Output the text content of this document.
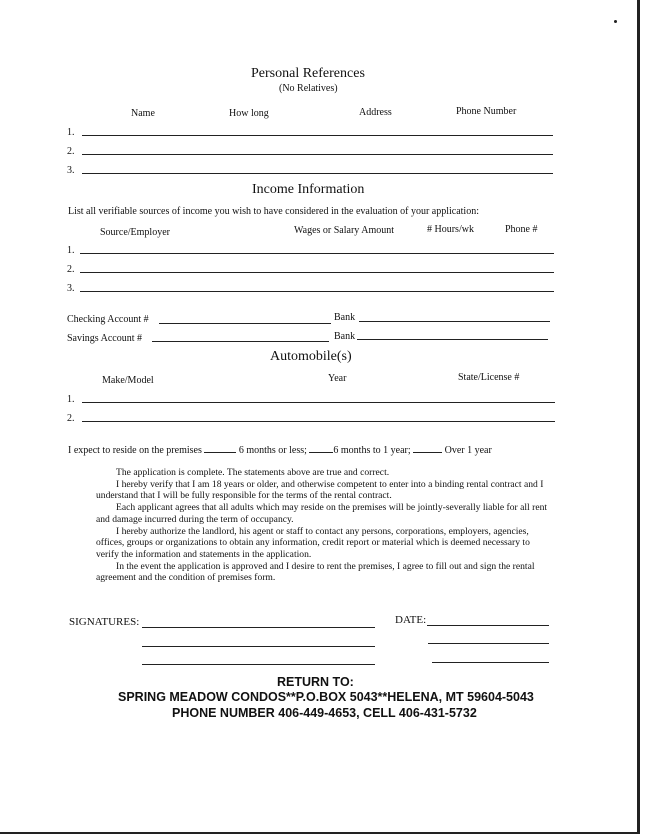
Personal References
(No Relatives)
Name	How long	Address	Phone Number
1.
2.
3.
Income Information
List all verifiable sources of income you wish to have considered in the evaluation of your application:
Source/Employer	Wages or Salary Amount	# Hours/wk	Phone #
1.
2.
3.
Checking Account #	Bank
Savings Account #	Bank
Automobile(s)
Make/Model	Year	State/License #
1.
2.
I expect to reside on the premises	6 months or less;	6 months to 1 year;	Over 1 year

The application is complete. The statements above are true and correct.

I hereby verify that I am 18 years or older, and otherwise competent to enter into a binding rental contract and I understand that I will be fully responsible for the terms of the rental contract.

Each applicant agrees that all adults which may reside on the premises will be jointly-severally liable for all rent and damage incurred during the term of occupancy.

I hereby authorize the landlord, his agent or staff to contact any persons, corporations, employers, agencies, offices, groups or organizations to obtain any information, credit report or material which is deemed necessary to verify the information and statements in the application.

In the event the application is approved and I desire to rent the premises, I agree to fill out and sign the rental agreement and the condition of premises form.

SIGNATURES:	DATE:
RETURN TO:
SPRING MEADOW CONDOS**P.O.BOX 5043**HELENA, MT 59604-5043
PHONE NUMBER 406-449-4653, CELL 406-431-5732
